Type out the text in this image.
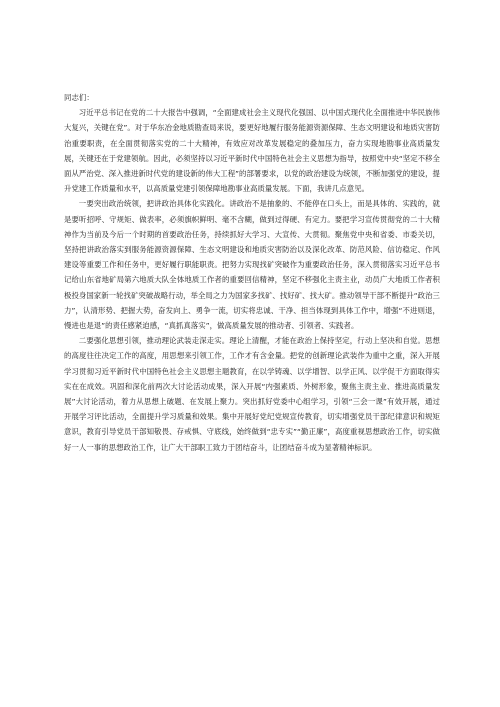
同志们：

习近平总书记在党的二十大报告中强调，“全面建成社会主义现代化强国、以中国式现代化全面推进中华民族伟大复兴，关键在党”。对于华东冶金地质勘查局来说，要更好地履行服务能源资源保障、生态文明建设和地质灾害防治重要职责，在全面贯彻落实党的二十大精神，有效应对改革发展稳定的叠加压力，奋力实现地勘事业高质量发展，关键还在于党建领航。因此，必须坚持以习近平新时代中国特色社会主义思想为指导，按照党中央“坚定不移全面从严治党、深入推进新时代党的建设新的伟大工程”的部署要求，以党的政治建设为统领，不断加强党的建设，提升党建工作质量和水平，以高质量党建引领保障地勘事业高质量发展。下面，我讲几点意见。

一要突出政治统领，把讲政治具体化实践化。讲政治不是抽象的、不能停在口头上，而是具体的、实践的，就是要听招呼、守规矩、做表率，必须旗帜鲜明、毫不含糊，做到过得硬、有定力。要把学习宣传贯彻党的二十大精神作为当前及今后一个时期的首要政治任务，持续抓好大学习、大宣传、大贯彻。聚焦党中央和省委、市委关切，坚持把讲政治落实到服务能源资源保障、生态文明建设和地质灾害防治以及深化改革、防范风险、信访稳定、作风建设等重要工作和任务中，更好履行职能职责。把努力实现找矿突破作为重要政治任务，深入贯彻落实习近平总书记给山东省地矿局第六地质大队全体地质工作者的重要回信精神，坚定不移强化主责主业，动员广大地质工作者积极投身国家新一轮找矿突破战略行动，举全局之力为国家多找矿、找好矿、找大矿。推动领导干部不断提升“政治三力”，认清形势、把握大势，奋发向上、勇争一流，切实将忠诚、干净、担当体现到具体工作中，增强“不进则退，慢进也是退”的责任感紧迫感，“真抓真落实”，做高质量发展的推动者、引领者、实践者。

二要强化思想引领，推动理论武装走深走实。理论上清醒，才能在政治上保持坚定，行动上坚决和自觉。思想的高度往往决定工作的高度，用思想来引领工作，工作才有含金量。把党的创新理论武装作为重中之重，深入开展学习贯彻习近平新时代中国特色社会主义思想主题教育，在以学铸魂、以学增智、以学正风、以学促干方面取得实实在在成效。巩固和深化前两次大讨论活动成果，深入开展“内强素质、外树形象，聚焦主责主业、推进高质量发展”大讨论活动，着力从思想上破题、在发展上聚力。突出抓好党委中心组学习，引领“三会一课”有效开展，通过开展学习评比活动，全面提升学习质量和效果。集中开展好党纪党规宣传教育，切实增强党员干部纪律意识和规矩意识，教育引导党员干部知敬畏、存戒惧、守底线，始终做到“忠专实”“勤正廉”，高度重视思想政治工作，切实做好一人一事的思想政治工作，让广大干部职工致力于团结奋斗，让团结奋斗成为显著精神标识。
